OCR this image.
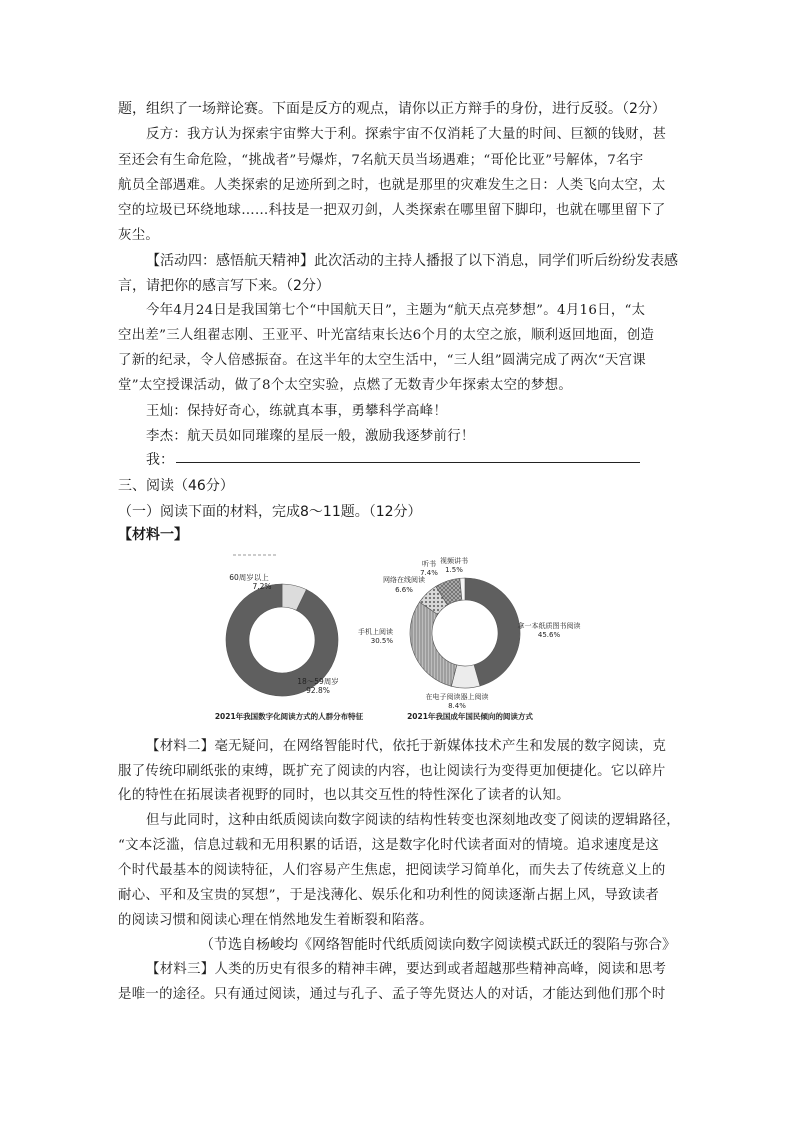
题，组织了一场辩论赛。下面是反方的观点，请你以正方辩手的身份，进行反驳。（2分）
反方：我方认为探索宇宙弊大于利。探索宇宙不仅消耗了大量的时间、巨额的钱财，甚
至还会有生命危险，“挑战者”号爆炸，7名航天员当场遇难；“哥伦比亚”号解体，7名宇
航员全部遇难。人类探索的足迹所到之时，也就是那里的灾难发生之日：人类飞向太空，太
空的垃圾已环绕地球……科技是一把双刃剑，人类探索在哪里留下脚印，也就在哪里留下了
灰尘。
【活动四：感悟航天精神】此次活动的主持人播报了以下消息，同学们听后纷纷发表感
言，请把你的感言写下来。（2分）
今年4月24日是我国第七个“中国航天日”，主题为“航天点亮梦想”。4月16日，“太
空出差”三人组翟志刚、王亚平、叶光富结束长达6个月的太空之旅，顺利返回地面，创造
了新的纪录，令人倍感振奋。在这半年的太空生活中，“三人组”圆满完成了两次“天宫课
堂”太空授课活动，做了8个太空实验，点燃了无数青少年探索太空的梦想。
王灿：保持好奇心，练就真本事，勇攀科学高峰！
李杰：航天员如同璀璨的星辰一般，激励我逐梦前行！
我：
三、阅读（46分）
（一）阅读下面的材料，完成8～11题。（12分）
【材料一】
60周岁以上
7.2%
18～59周岁
92.8%
2021年我国数字化阅读方式的人群分布特征
视频讲书
1.5%
听书
7.4%
网络在线阅读
6.6%
手机上阅读
30.5%
拿一本纸质图书阅读
45.6%
在电子阅读器上阅读
8.4%
2021年我国成年国民倾向的阅读方式
【材料二】毫无疑问，在网络智能时代，依托于新媒体技术产生和发展的数字阅读，克
服了传统印刷纸张的束缚，既扩充了阅读的内容，也让阅读行为变得更加便捷化。它以碎片
化的特性在拓展读者视野的同时，也以其交互性的特性深化了读者的认知。
但与此同时，这种由纸质阅读向数字阅读的结构性转变也深刻地改变了阅读的逻辑路径，
“文本泛滥，信息过载和无用积累的话语，这是数字化时代读者面对的情境。追求速度是这
个时代最基本的阅读特征，人们容易产生焦虑，把阅读学习简单化，而失去了传统意义上的
耐心、平和及宝贵的冥想”，于是浅薄化、娱乐化和功利性的阅读逐渐占据上风，导致读者
的阅读习惯和阅读心理在悄然地发生着断裂和陷落。
（节选自杨峻均《网络智能时代纸质阅读向数字阅读模式跃迁的裂陷与弥合》
【材料三】人类的历史有很多的精神丰碑，要达到或者超越那些精神高峰，阅读和思考
是唯一的途径。只有通过阅读，通过与孔子、孟子等先贤达人的对话，才能达到他们那个时
